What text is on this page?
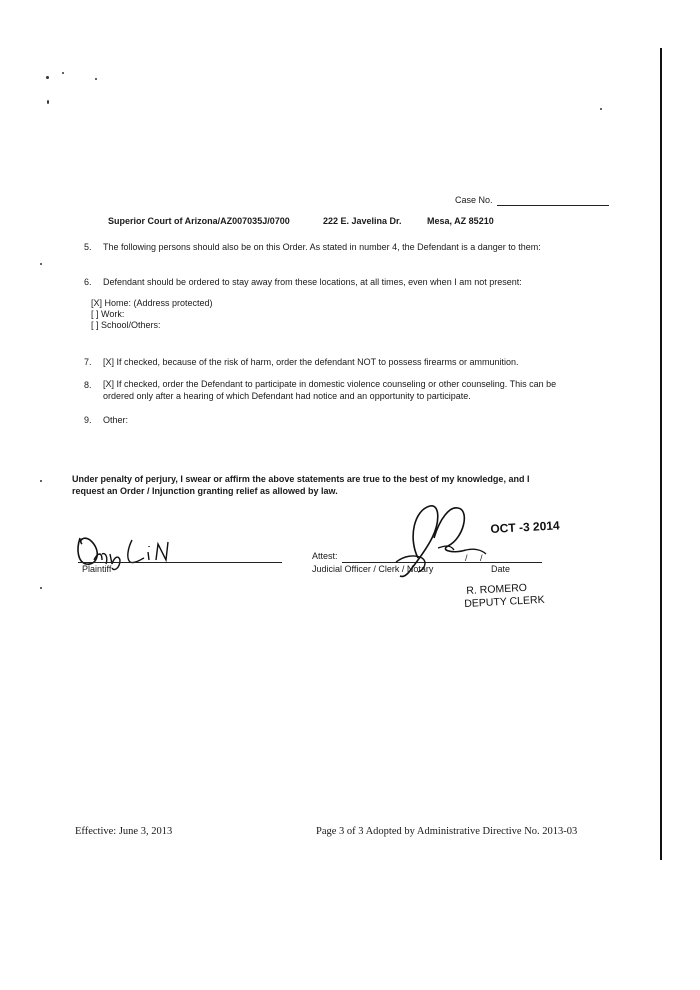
Case No.
Superior Court of Arizona/AZ007035J/0700	222 E. Javelina Dr.	Mesa, AZ 85210
5. The following persons should also be on this Order. As stated in number 4, the Defendant is a danger to them:
6. Defendant should be ordered to stay away from these locations, at all times, even when I am not present:
[X] Home: (Address protected)
[ ] Work:
[ ] School/Others:
7. [X] If checked, because of the risk of harm, order the defendant NOT to possess firearms or ammunition.
8. [X] If checked, order the Defendant to participate in domestic violence counseling or other counseling. This can be
ordered only after a hearing of which Defendant had notice and an opportunity to participate.
9. Other:
Under penalty of perjury, I swear or affirm the above statements are true to the best of my knowledge, and I
request an Order / Injunction granting relief as allowed by law.
Plaintiff
Attest:
Judicial Officer / Clerk / Notary
/     /
Date
OCT -3 2014
R. ROMERO
DEPUTY CLERK
Effective: June 3, 2013	Page 3 of 3 Adopted by Administrative Directive No. 2013-03
